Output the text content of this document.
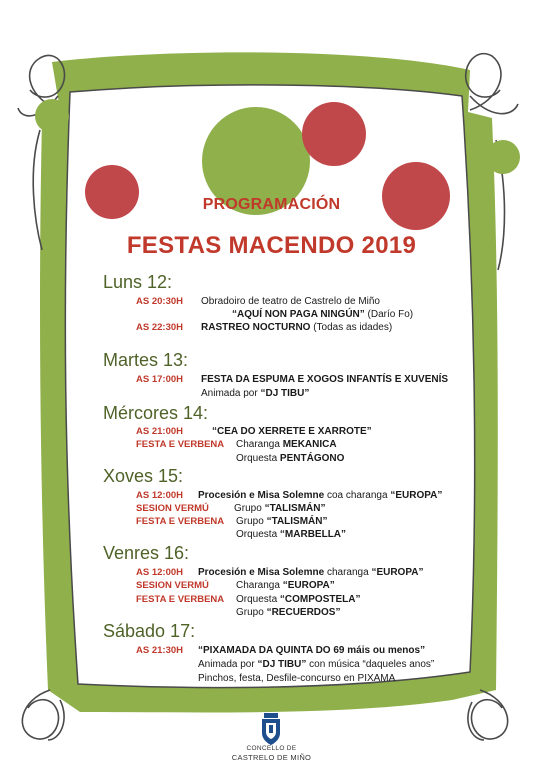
PROGRAMACIÓN
FESTAS MACENDO 2019
Luns 12:
AS 20:30H Obradoiro de teatro de Castrelo de Miño
“AQUÍ NON PAGA NINGÚN” (Darío Fo)
AS 22:30H RASTREO NOCTURNO (Todas as idades)
Martes 13:
AS 17:00H FESTA DA ESPUMA E XOGOS INFANTÍS E XUVENÍS
Animada por “DJ TIBU”
Mércores 14:
AS 21:00H	“CEA DO XERRETE E XARROTE”
FESTA E VERBENA Charanga MEKANICA
Orquesta PENTÁGONO
Xoves 15:
AS 12:00H Procesión e Misa Solemne coa charanga “EUROPA”
SESION VERMÚ	Grupo “TALISMÁN”
FESTA E VERBENA Grupo “TALISMÁN”
Orquesta “MARBELLA”
Venres 16:
AS 12:00H Procesión e Misa Solemne charanga “EUROPA”
SESION VERMÚ	Charanga “EUROPA”
FESTA E VERBENA Orquesta “COMPOSTELA”
Grupo “RECUERDOS”
Sábado 17:
AS 21:30H “PIXAMADA DA QUINTA DO 69 máis ou menos”
Animada por “DJ TIBU” con música “daqueles anos”
Pinchos, festa, Desfile-concurso en PIXAMA
CONCELLO DE
CASTRELO DE MIÑO
